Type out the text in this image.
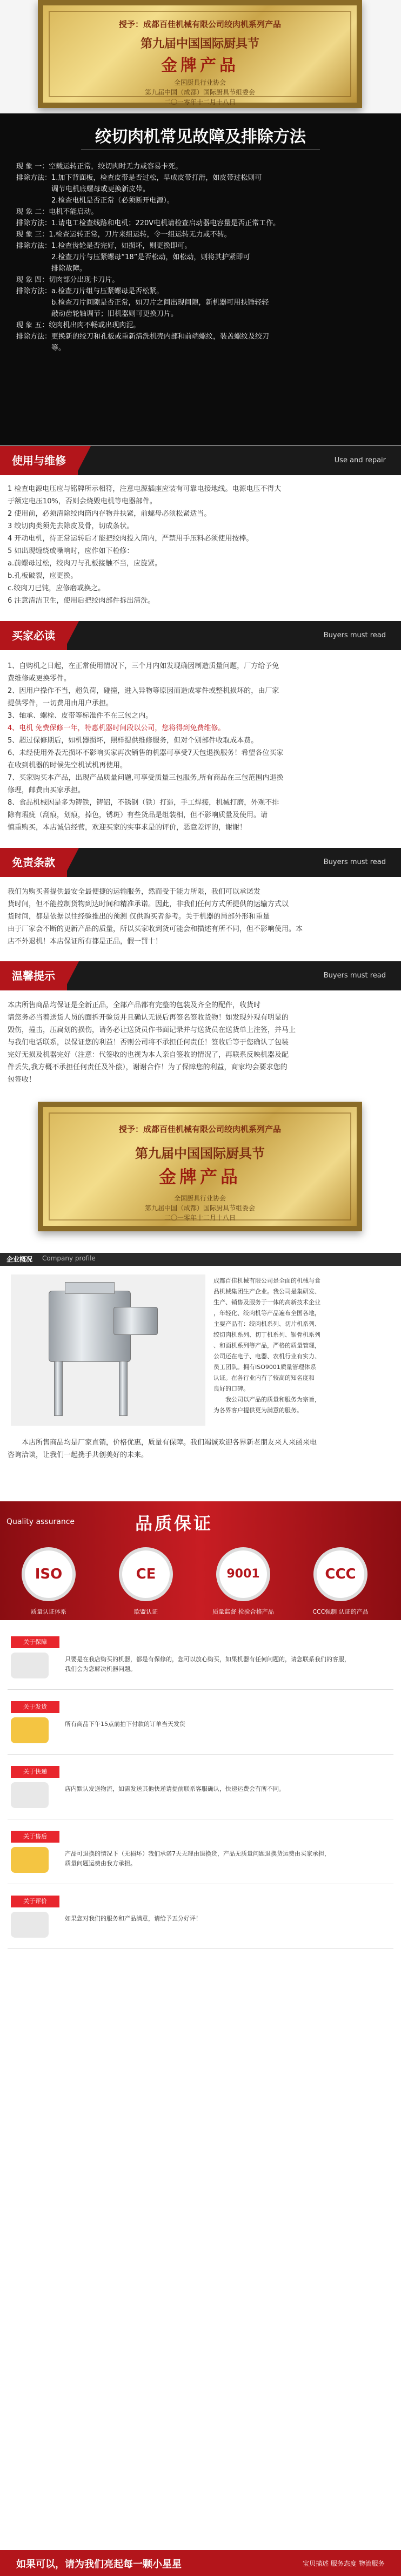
授予：成都百佳机械有限公司绞肉机系列产品
第九届中国国际厨具节
金牌产品
全国厨具行业协会
第九届中国（成都）国际厨具节组委会
二〇一零年十二月十八日
绞切肉机常见故障及排除方法
现 象 一：空载运转正常，绞切肉时无力或容易卡死。
排除方法：1.加下背面板，检查皮带是否过松，早成皮带打滑，如皮带过松则可
　　　　　调节电机底螺母或更换新皮带。
　　　　　2.检查电机是否正常（必须断开电源）。
现 象 二：电机不能启动。
排除方法：1.请电工检查线路和电机；220V电机请检查启动器电容量是否正常工作。
现 象 三：1.检查运转正常，刀片来组运转，令一组运转无力或不转。
排除方法：1.检查齿轮是否完好，如损坏，则更换即可。
　　　　　2.检查刀片与压紧螺母“18”是否松动，如松动，则将其护紧即可
　　　　　排除故障。
现 象 四：切肉部分出现卡刀片。
排除方法：a.检查刀片组与压紧螺母是否松紧。
　　　　　b.检查刀片间隙是否正常，如刀片之间出现间隙，新机器可用扶锤轻轻
　　　　　敲动齿轮轴调节；旧机器则可更换刀片。
现 象 五：绞肉机出肉不畅或出现肉泥。
排除方法：更换新的绞刀和孔板或重新清洗机壳内部和前端螺纹，装盖螺纹及绞刀
　　　　　等。
使用与维修	Use and repair
1 检查电源电压应与铭牌所示相符，注意电源插座应装有可靠电接地线。电源电压不得大
于额定电压10%，否则会烧毁电机等电器部件。
2 使用前，必须清除绞肉筒内存物并扶紧，前螺母必须松紧适当。
3 绞切肉类须先去除皮及骨，切成条状。
4 开动电机，待正常运转后才能把绞肉投入筒内，严禁用手压料必须使用按棒。
5 如出现缠绕或噪响时，应作如下检修：
a.前螺母过松，绞肉刀与孔板接触不当，应旋紧。
b.孔板破裂，应更换。
c.绞肉刀已钝，应修磨或换之。
6 注意清洁卫生，使用后把绞肉部件拆出清洗。
买家必读	Buyers must read
1、自购机之日起，在正常使用情况下，三个月内如发现确因制造质量问题，厂方给予免
费维修或更换零件。
2、因用户操作不当，超负荷，碰撞，进入异物等原因而造成零件或整机损坏的，由厂家
提供零件，一切费用由用户承担。
3、轴承、螺栓、皮带等标准件不在三包之内。
4、电机 免费保修一年，特惠机器时间段以公司，您将得到免费维修。
5、超过保修期后，如机器损坏，照样提供维修服务，但对个别部件收取成本费。
6、未经使用外表无损坏不影响买家再次销售的机器可享受7天包退换服务！希望各位买家
在收到机器的时候先空机试机再使用。
7、买家购买本产品，出现产品质量问题,可享受质量三包服务,所有商品在三包范围内退换
修理，邮费由买家承担。
8、食品机械因是多为铸铁，铸铝，不锈钢（铁）打造，手工焊接，机械打磨，外观不排
除有瑕疵（刮痕，划痕，掉色，锈斑）有些货品是组装相，但不影响质量及使用。请
慎重购买，本店诚信经营，欢迎买家的实事求是的评价，恶意差评的，谢谢！
免责条款	Buyers must read
我们为购买者提供最安全最便捷的运输服务，然而受于能力所限，我们可以承诺发
货时间，但不能控制货物到达时间和精准承诺。因此，非我们任何方式所提供的运输方式以
货时间，都是依据以往经验推出的预测 仅供购买者参考。关于机器的局部外形和重量
由于厂家会不断的更新产品的质量，所以买家收到货可能会和描述有所不同，但不影响使用。本
店不外退机！本店保证所有都是正品，假一罚十！
温馨提示	Buyers must read
本店所售商品均保证是全新正品，全部产品都有完整的包装及齐全的配件，收货时
请您务必当着送货人员的面拆开验货并且确认无误后再签名签收货物！如发现外观有明显的
毁伤，撞击，压扁划的损伤，请务必让送货员作书面记录并与送货员在送货单上注签，并马上
与我们电话联系，以保证您的利益！否则公司将不承担任何责任！签收后等于您确认了包装
完好无损及机器完好（注意：代签收的也视为本人亲自签收的情况了，再联系反映机器及配
件丢失,我方概不承担任何责任及补偿），谢谢合作！为了保障您的利益，商家均会要求您的
包签收！
授予：成都百佳机械有限公司绞肉机系列产品
第九届中国国际厨具节
金牌产品
全国厨具行业协会
第九届中国（成都）国际厨具节组委会
二〇一零年十二月十八日
企业概况 Company profile
成都百佳机械有限公司是全面的机械与食
品机械集团生产企业。我公司是集研发、
生产、销售及服务于一体的高新技术企业
，年轻化、绞肉机等产品遍布全国各地，
主要产品有：绞肉机系列、切片机系列、
绞切肉机系列、切丁机系列、锯骨机系列
、和面机系列等产品，严格的质量管理，
公司还在电子、电器、农机行业有实力、
员工团队。拥有ISO9001质量管理体系
认证。在各行业内有了较高的知名度和
良好的口碑。
　　我公司以产品的质量和服务为宗旨，
为各界客户提供更为满意的服务。
　　本店所售商品均是厂家直销，价格优惠，质量有保障。我们竭诚欢迎各界新老朋友来人来函来电
咨询洽谈，让我们一起携手共创美好的未来。
Quality assurance	品质保证
ISO	CE	9001	CCC
质量认证体系	欧盟认证	质量监督 检验合格产品	CCC强制 认证的产品
关于保障
只要是在我店购买的机器，都是有保修的，您可以放心购买，如果机器有任何问题的，请您联系我们的客服，
我们会为您解决机器问题。
关于发货
所有商品下午15点前拍下付款的订单当天发货
关于快递
店内默认发送物流，如需发送其他快递请提前联系客服确认，快递运费会有所不同。
关于售后
产品可退换的情况下（无损坏）我们承诺7天无理由退换货，产品无质量问题退换货运费由买家承担，
质量问题运费由我方承担。
关于评价
如果您对我们的服务和产品满意，请给予五分好评！
如果可以，请为我们亮起每一颗小星星	宝贝描述 服务态度 物流服务
